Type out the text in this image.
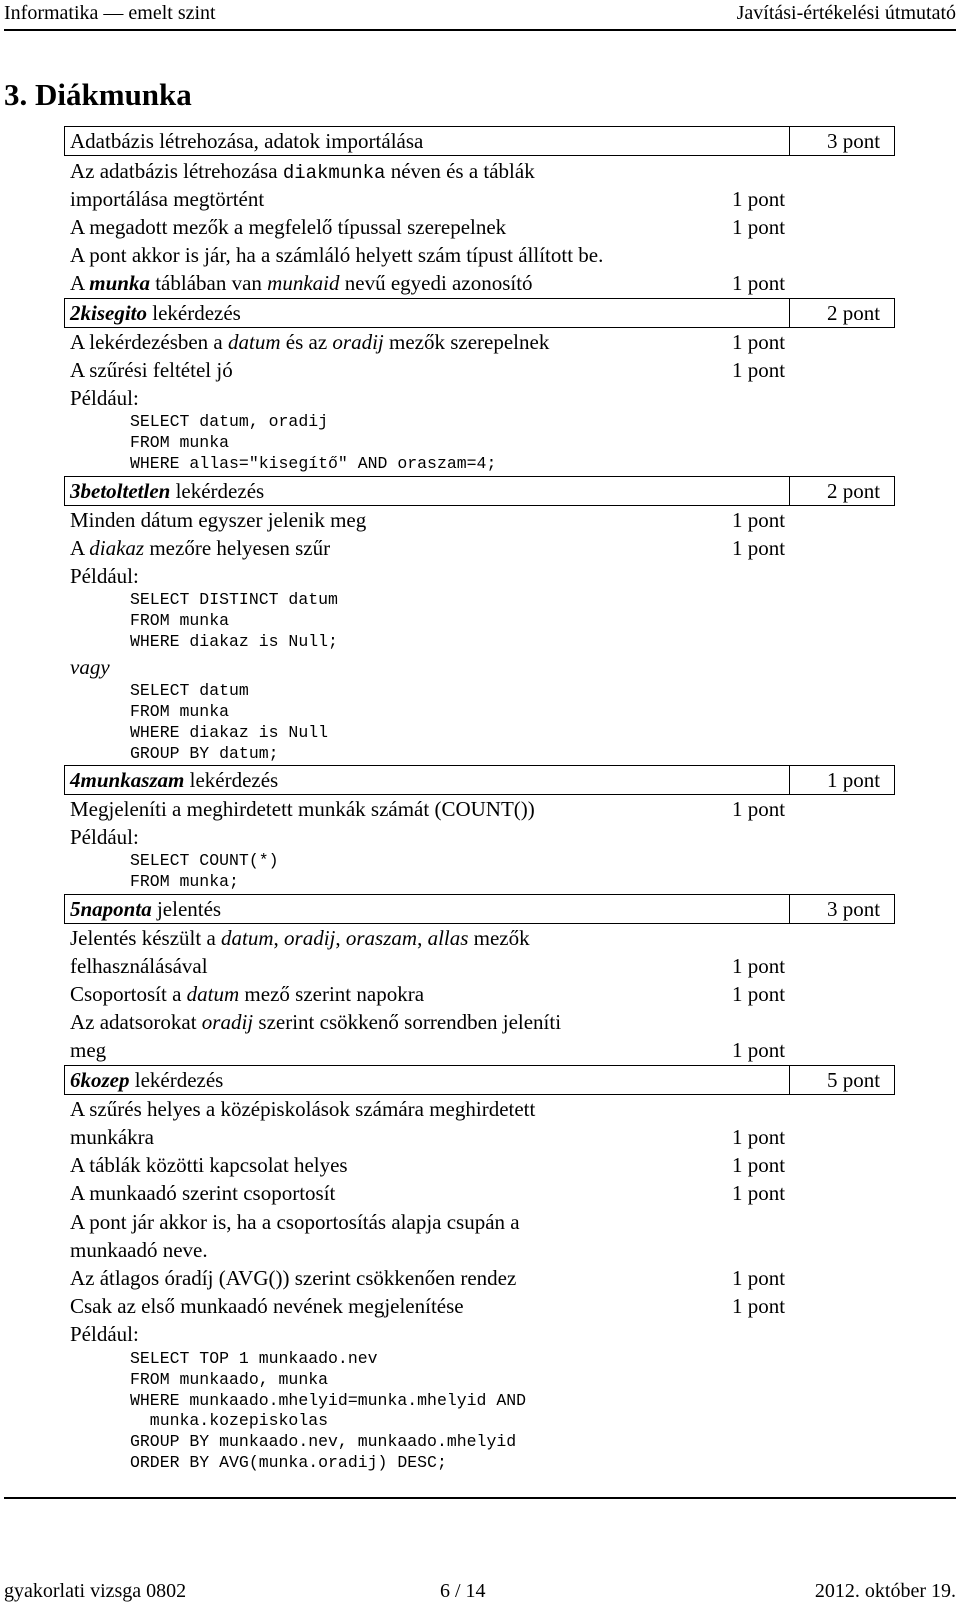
Informatika — emelt szint	Javítási-értékelési útmutató
3. Diákmunka
Adatbázis létrehozása, adatok importálása	3 pont
Az adatbázis létrehozása diakmunka néven és a táblák
importálása megtörtént	1 pont
A megadott mezők a megfelelő típussal szerepelnek	1 pont
A pont akkor is jár, ha a számláló helyett szám típust állított be.
A munka táblában van munkaid nevű egyedi azonosító	1 pont
2kisegito lekérdezés	2 pont
A lekérdezésben a datum és az oradij mezők szerepelnek	1 pont
A szűrési feltétel jó	1 pont
Például:
SELECT datum, oradij
FROM munka
WHERE allas="kisegítő" AND oraszam=4;
3betoltetlen lekérdezés	2 pont
Minden dátum egyszer jelenik meg	1 pont
A diakaz mezőre helyesen szűr	1 pont
Például:
SELECT DISTINCT datum
FROM munka
WHERE diakaz is Null;
vagy
SELECT datum
FROM munka
WHERE diakaz is Null
GROUP BY datum;
4munkaszam lekérdezés	1 pont
Megjeleníti a meghirdetett munkák számát (COUNT())	1 pont
Például:
SELECT COUNT(*)
FROM munka;
5naponta jelentés	3 pont
Jelentés készült a datum, oradij, oraszam, allas mezők
felhasználásával	1 pont
Csoportosít a datum mező szerint napokra	1 pont
Az adatsorokat oradij szerint csökkenő sorrendben jeleníti
meg	1 pont
6kozep lekérdezés	5 pont
A szűrés helyes a középiskolások számára meghirdetett
munkákra	1 pont
A táblák közötti kapcsolat helyes	1 pont
A munkaadó szerint csoportosít	1 pont
A pont jár akkor is, ha a csoportosítás alapja csupán a
munkaadó neve.
Az átlagos óradíj (AVG()) szerint csökkenően rendez	1 pont
Csak az első munkaadó nevének megjelenítése	1 pont
Például:
SELECT TOP 1 munkaado.nev
FROM munkaado, munka
WHERE munkaado.mhelyid=munka.mhelyid AND
munka.kozepiskolas
GROUP BY munkaado.nev, munkaado.mhelyid
ORDER BY AVG(munka.oradij) DESC;
gyakorlati vizsga 0802	6 / 14	2012. október 19.
